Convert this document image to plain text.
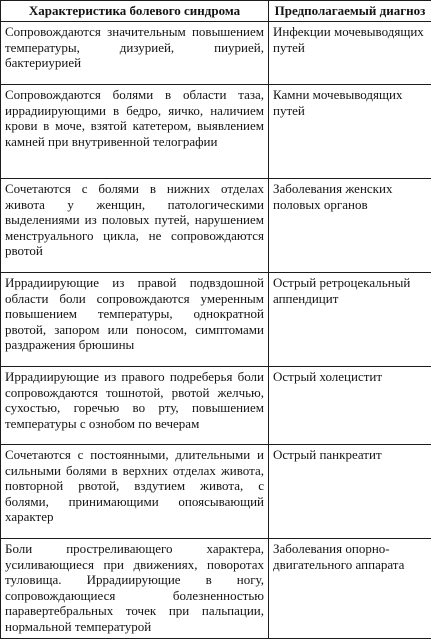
Характеристика болевого синдрома	Предполагаемый диагноз
Сопровождаются значительным повышением температуры, дизурией, пиурией, бактериурией	Инфекции мочевыводящих путей
Сопровождаются болями в области таза, иррадиирующими в бедро, яичко, наличием крови в моче, взятой катетером, выявлением камней при внутривенной телографии	Камни мочевыводящих путей
Сочетаются с болями в нижних отделах живота у женщин, патологическими выделениями из половых путей, нарушением менструального цикла, не сопровождаются рвотой	Заболевания женских половых органов
Иррадиирующие из правой подвздошной области боли сопровождаются умеренным повышением температуры, однократной рвотой, запором или поносом, симптомами раздражения брюшины	Острый ретроцекальный аппендицит
Иррадиирующие из правого подреберья боли сопровождаются тошнотой, рвотой желчью, сухостью, горечью во рту, повышением температуры с ознобом по вечерам	Острый холецистит
Сочетаются с постоянными, длительными и сильными болями в верхних отделах живота, повторной рвотой, вздутием живота, с болями, принимающими опоясывающий характер	Острый панкреатит
Боли простреливающего характера, усиливающиеся при движениях, поворотах туловища. Иррадиирующие в ногу, сопровождающиеся болезненностью паравертебральных точек при пальпации, нормальной температурой	Заболевания опорно-двигательного аппарата
